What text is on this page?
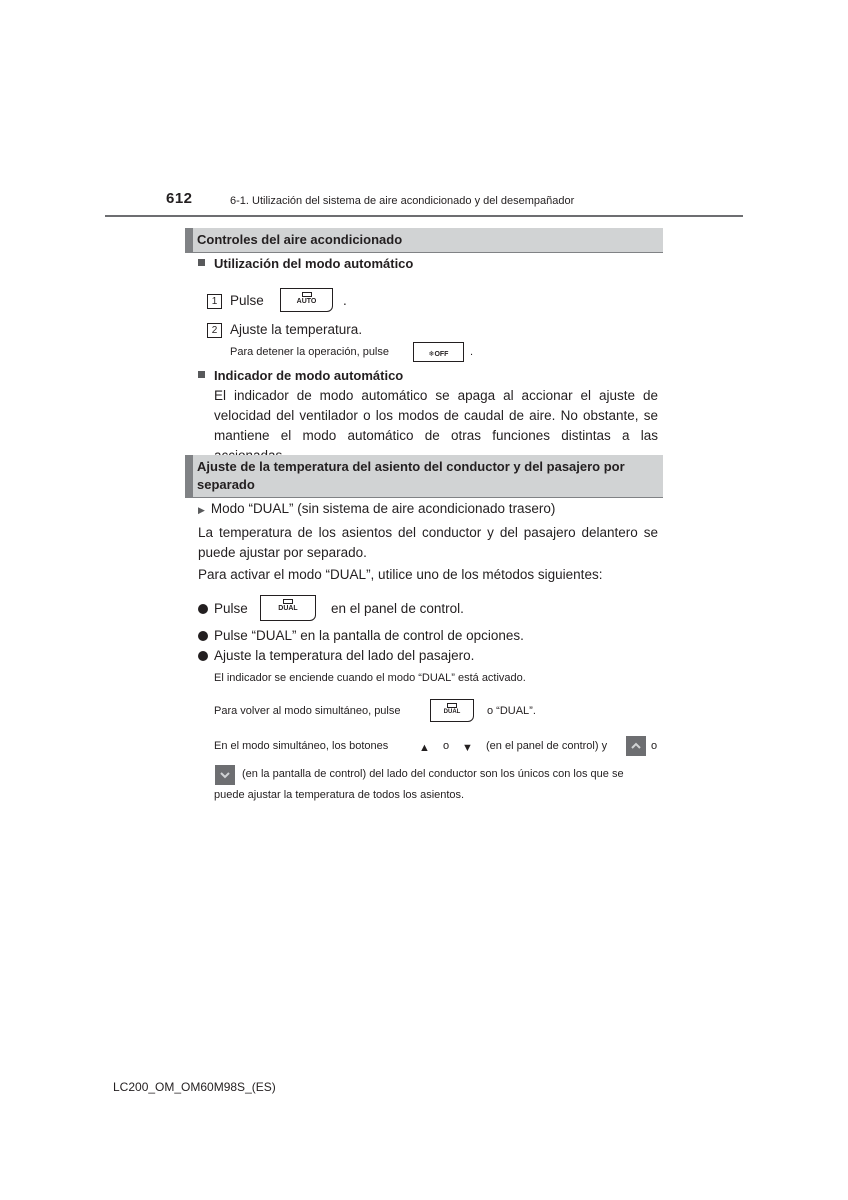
612	6-1. Utilización del sistema de aire acondicionado y del desempañador
Controles del aire acondicionado
Utilización del modo automático
1 Pulse	AUTO	.
2 Ajuste la temperatura.
Para detener la operación, pulse	❄OFF	.
Indicador de modo automático
El indicador de modo automático se apaga al accionar el ajuste de velocidad del ventilador o los modos de caudal de aire. No obstante, se mantiene el modo automático de otras funciones distintas a las
Ajuste de la temperatura del asiento del conductor y del pasajero por separado
▶ Modo “DUAL” (sin sistema de aire acondicionado trasero)
La temperatura de los asientos del conductor y del pasajero delantero se puede ajustar por separado.
Para activar el modo “DUAL”, utilice uno de los métodos siguientes:
Pulse	DUAL	en el panel de control.
Pulse “DUAL” en la pantalla de control de opciones.
Ajuste la temperatura del lado del pasajero.
El indicador se enciende cuando el modo “DUAL” está activado.
Para volver al modo simultáneo, pulse	DUAL	o “DUAL”.
En el modo simultáneo, los botones	▲ o ▼ (en el panel de control) y	o
(en la pantalla de control) del lado del conductor son los únicos con los que se
puede ajustar la temperatura de todos los asientos.
LC200_OM_OM60M98S_(ES)
